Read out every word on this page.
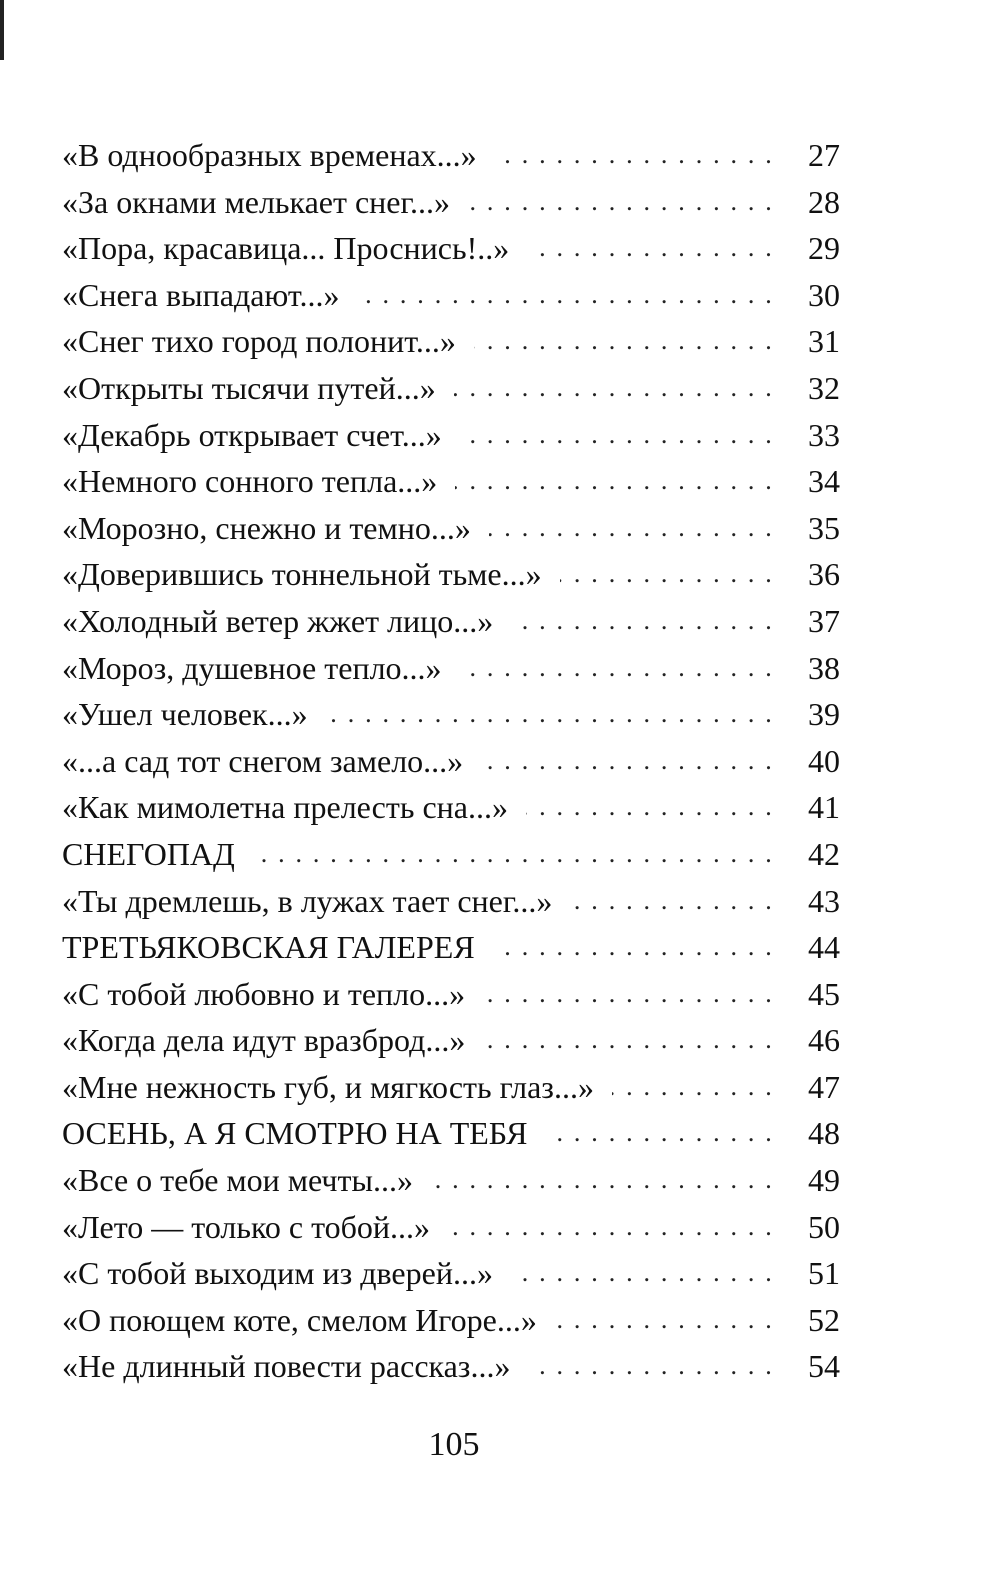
«В однообразных временах...» . . .	27
«За окнами мелькает снег...» . . .	28
«Пора, красавица... Проснись!..» . . .	29
«Снега выпадают...» . . .	30
«Снег тихо город полонит...» . . .	31
«Открыты тысячи путей...» . . .	32
«Декабрь открывает счет...» . . .	33
«Немного сонного тепла...» . . .	34
«Морозно, снежно и темно...» . . .	35
«Доверившись тоннельной тьме...» . . .	36
«Холодный ветер жжет лицо...» . . .	37
«Мороз, душевное тепло...» . . .	38
«Ушел человек...» . . .	39
«...а сад тот снегом замело...» . . .	40
«Как мимолетна прелесть сна...» . . .	41
СНЕГОПАД . . .	42
«Ты дремлешь, в лужах тает снег...» . . .	43
ТРЕТЬЯКОВСКАЯ ГАЛЕРЕЯ . . .	44
«С тобой любовно и тепло...» . . .	45
«Когда дела идут вразброд...» . . .	46
«Мне нежность губ, и мягкость глаз...» . . .	47
ОСЕНЬ, А Я СМОТРЮ НА ТЕБЯ . . .	48
«Все о тебе мои мечты...» . . .	49
«Лето — только с тобой...» . . .	50
«С тобой выходим из дверей...» . . .	51
«О поющем коте, смелом Игоре...» . . .	52
«Не длинный повести рассказ...» . . .	54
105
